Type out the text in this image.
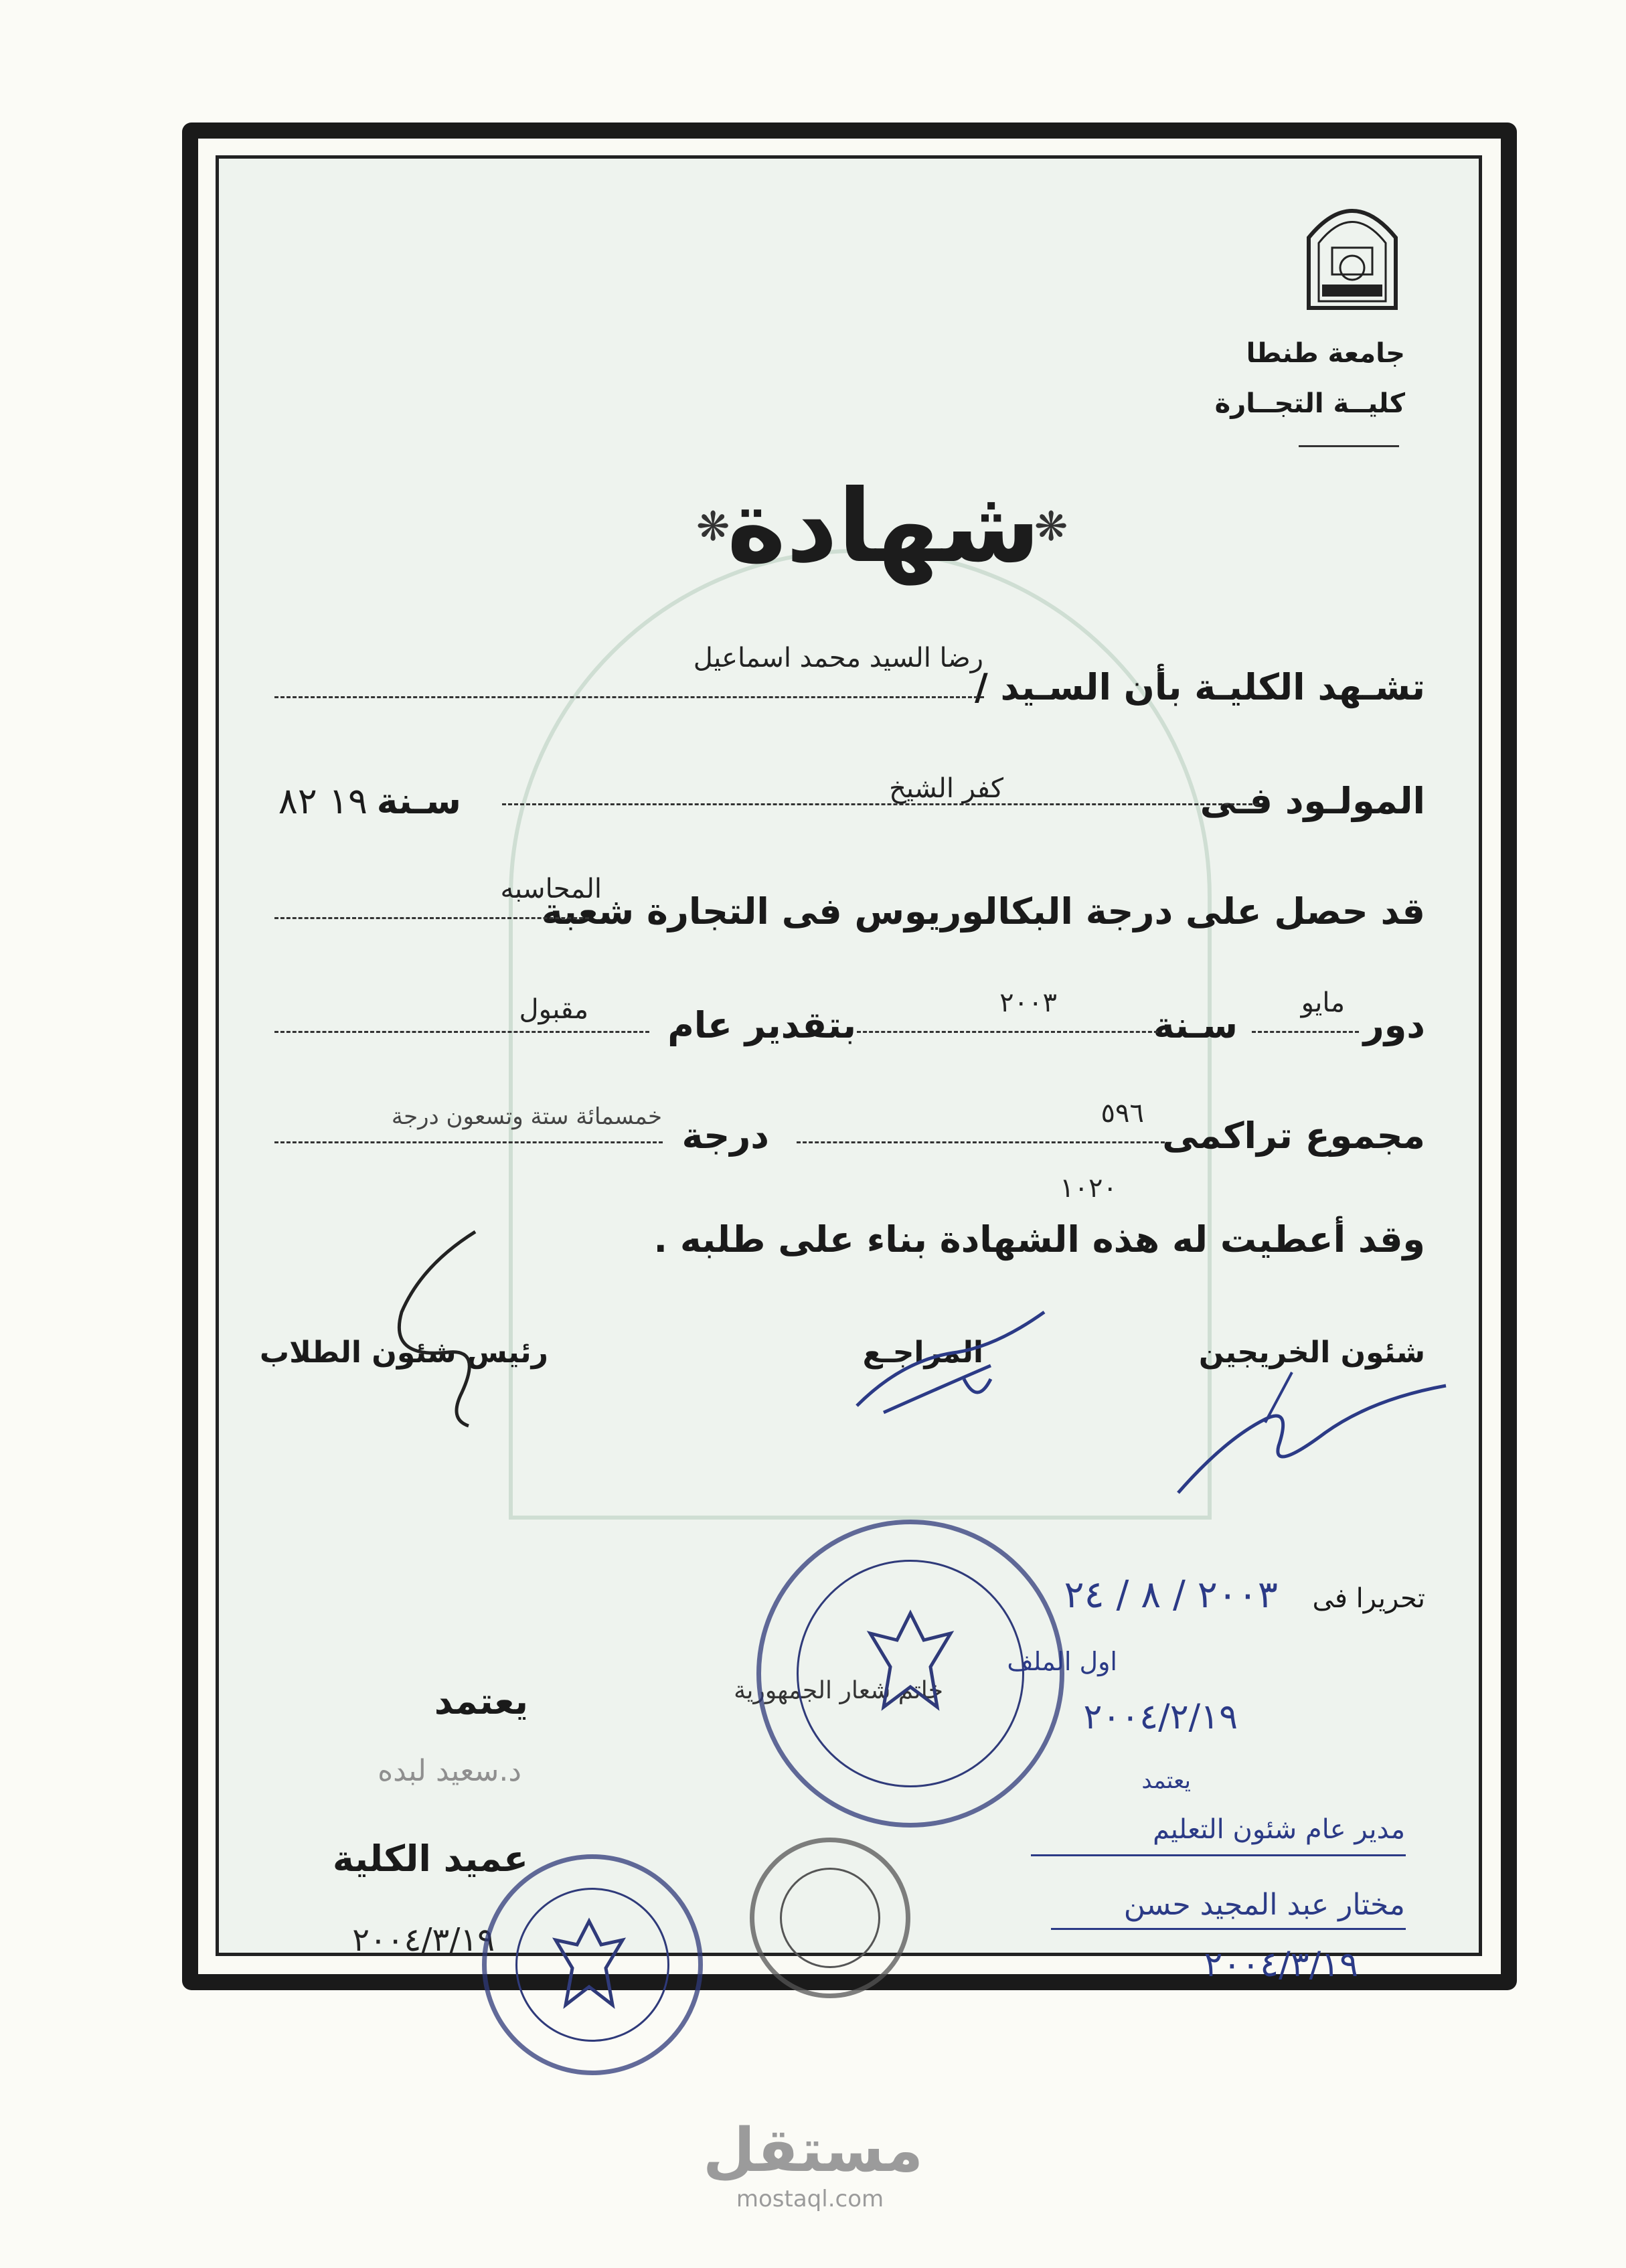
جامعة طنطا
كليــة التجــارة
❋	❋
شهادة
تشـهد الكليـة بأن السـيد /
رضا السيد محمد اسماعيل
المولـود فـى
كفر الشيخ
سـنة
١٩ ٨٢
قد حصل على درجة البكالوريوس فى التجارة شعبة
المحاسبه
دور
مايو
سـنة
٢٠٠٣
بتقدير عام
مقبول
مجموع تراكمى
٥٩٦
درجة
خمسمائة ستة وتسعون درجة
١٠٢٠
وقد أعطيت له هذه الشهادة بناء على طلبه .
شئون الخريجين
المراجـع
رئيس شئون الطلاب
تحريرا فى
٢٠٠٣ / ٨ / ٢٤
خاتم شعار الجمهورية
يعتمد
د.سعيد لبده
عميد الكلية
٢٠٠٤/٣/١٩
اول الملف
٢٠٠٤/٢/١٩
يعتمد
مدير عام شئون التعليم
مختار عبد المجيد حسن
٢٠٠٤/٣/١٩
مستقل
mostaql.com
